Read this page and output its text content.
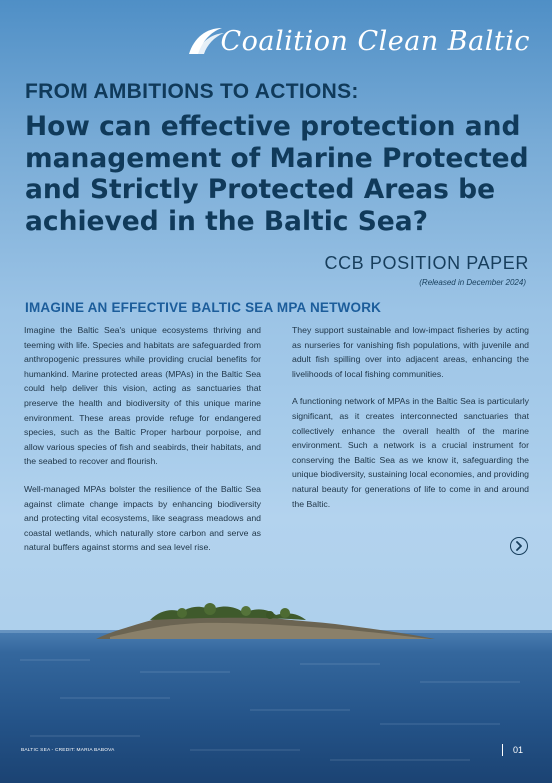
Coalition Clean Baltic
FROM AMBITIONS TO ACTIONS:
How can effective protection and management of Marine Protected and Strictly Protected Areas be achieved in the Baltic Sea?
CCB POSITION PAPER
(Released in December 2024)
IMAGINE AN EFFECTIVE BALTIC SEA MPA NETWORK

Imagine the Baltic Sea's unique ecosystems thriving and teeming with life. Species and habitats are safeguarded from anthropogenic pressures while providing crucial benefits for humankind. Marine protected areas (MPAs) in the Baltic Sea could help deliver this vision, acting as sanctuaries that preserve the health and biodiversity of this unique marine environment. These areas provide refuge for endangered species, such as the Baltic Proper harbour porpoise, and allow various species of fish and seabirds, their habitats, and the seabed to recover and flourish.

Well-managed MPAs bolster the resilience of the Baltic Sea against climate change impacts by enhancing biodiversity and protecting vital ecosystems, like seagrass meadows and coastal wetlands, which naturally store carbon and serve as natural buffers against storms and sea level rise.

They support sustainable and low-impact fisheries by acting as nurseries for vanishing fish populations, with juvenile and adult fish spilling over into adjacent areas, enhancing the livelihoods of local fishing communities.

A functioning network of MPAs in the Baltic Sea is particularly significant, as it creates interconnected sanctuaries that collectively enhance the overall health of the marine environment. Such a network is a crucial instrument for conserving the Baltic Sea as we know it, safeguarding the unique biodiversity, sustaining local economies, and providing natural beauty for generations of life to come in and around the Baltic.

BALTIC SEA - CREDIT: MARIA BABOVA	01
